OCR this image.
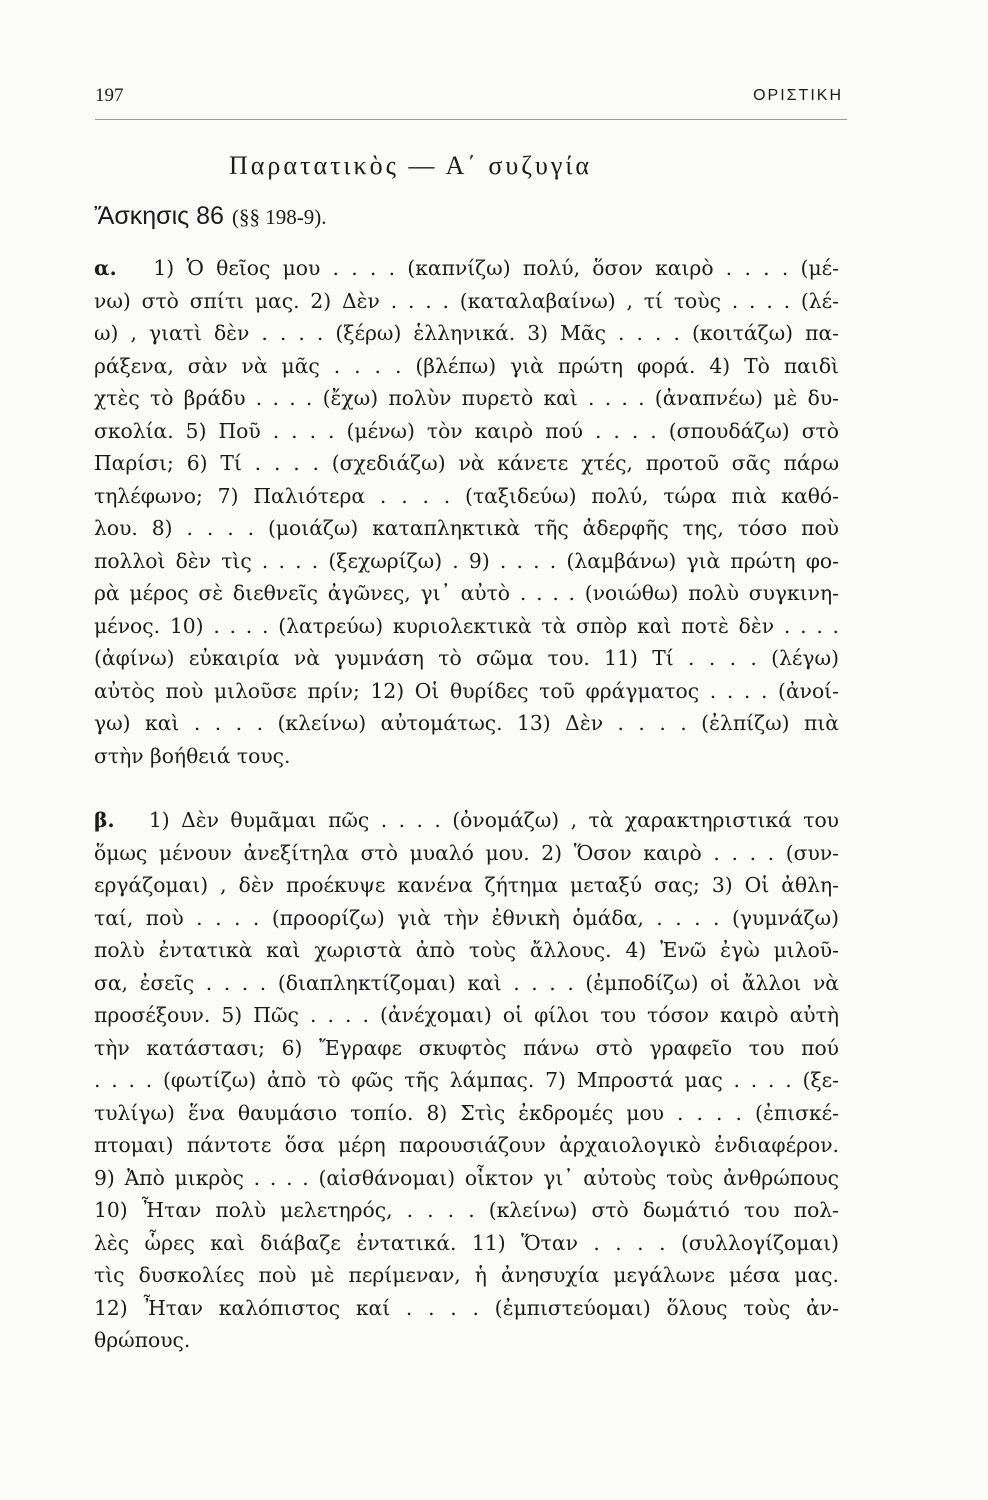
197	ΟΡΙΣΤΙΚΗ
Παρατατικὸς — Α΄ συζυγία
Ἄσκησις 86 (§§ 198-9).
α. 1) Ὁ θεῖος μου . . . . (καπνίζω) πολύ, ὅσον καιρὸ . . . . (μέ-
νω) στὸ σπίτι μας. 2) Δὲν . . . . (καταλαβαίνω) , τί τοὺς . . . . (λέ-
ω) , γιατὶ δὲν . . . . (ξέρω) ἑλληνικά. 3) Μᾶς . . . . (κοιτάζω) πα-
ράξενα, σὰν νὰ μᾶς . . . . (βλέπω) γιὰ πρώτη φορά. 4) Τὸ παιδὶ
χτὲς τὸ βράδυ . . . . (ἔχω) πολὺν πυρετὸ καὶ . . . . (ἀναπνέω) μὲ δυ-
σκολία. 5) Ποῦ . . . . (μένω) τὸν καιρὸ πού . . . . (σπουδάζω) στὸ
Παρίσι; 6) Τί . . . . (σχεδιάζω) νὰ κάνετε χτές, προτοῦ σᾶς πάρω
τηλέφωνο; 7) Παλιότερα . . . . (ταξιδεύω) πολύ, τώρα πιὰ καθό-
λου. 8) . . . . (μοιάζω) καταπληκτικὰ τῆς ἀδερφῆς της, τόσο ποὺ
πολλοὶ δὲν τὶς . . . . (ξεχωρίζω) . 9) . . . . (λαμβάνω) γιὰ πρώτη φο-
ρὰ μέρος σὲ διεθνεῖς ἀγῶνες, γι᾿ αὐτὸ . . . . (νοιώθω) πολὺ συγκινη-
μένος. 10) . . . . (λατρεύω) κυριολεκτικὰ τὰ σπὸρ καὶ ποτὲ δὲν . . . .
(ἀφίνω) εὐκαιρία νὰ γυμνάση τὸ σῶμα του. 11) Τί . . . . (λέγω)
αὐτὸς ποὺ μιλοῦσε πρίν; 12) Οἱ θυρίδες τοῦ φράγματος . . . . (ἀνοί-
γω) καὶ . . . . (κλείνω) αὐτομάτως. 13) Δὲν . . . . (ἐλπίζω) πιὰ
στὴν βοήθειά τους.
β. 1) Δὲν θυμᾶμαι πῶς . . . . (ὀνομάζω) , τὰ χαρακτηριστικά του
ὅμως μένουν ἀνεξίτηλα στὸ μυαλό μου. 2) Ὅσον καιρὸ . . . . (συν-
εργάζομαι) , δὲν προέκυψε κανένα ζήτημα μεταξύ σας; 3) Οἱ ἀθλη-
ταί, ποὺ . . . . (προορίζω) γιὰ τὴν ἐθνικὴ ὁμάδα, . . . . (γυμνάζω)
πολὺ ἐντατικὰ καὶ χωριστὰ ἀπὸ τοὺς ἄλλους. 4) Ἐνῶ ἐγὼ μιλοῦ-
σα, ἐσεῖς . . . . (διαπληκτίζομαι) καὶ . . . . (ἐμποδίζω) οἱ ἄλλοι νὰ
προσέξουν. 5) Πῶς . . . . (ἀνέχομαι) οἱ φίλοι του τόσον καιρὸ αὐτὴ
τὴν κατάστασι; 6) Ἔγραφε σκυφτὸς πάνω στὸ γραφεῖο του πού
. . . . (φωτίζω) ἀπὸ τὸ φῶς τῆς λάμπας. 7) Μπροστά μας . . . . (ξε-
τυλίγω) ἕνα θαυμάσιο τοπίο. 8) Στὶς ἐκδρομές μου . . . . (ἐπισκέ-
πτομαι) πάντοτε ὅσα μέρη παρουσιάζουν ἀρχαιολογικὸ ἐνδιαφέρον.
9) Ἀπὸ μικρὸς . . . . (αἰσθάνομαι) οἶκτον γι᾿ αὐτοὺς τοὺς ἀνθρώπους
10) Ἦταν πολὺ μελετηρός, . . . . (κλείνω) στὸ δωμάτιό του πολ-
λὲς ὧρες καὶ διάβαζε ἐντατικά. 11) Ὅταν . . . . (συλλογίζομαι)
τὶς δυσκολίες ποὺ μὲ περίμεναν, ἡ ἀνησυχία μεγάλωνε μέσα μας.
12) Ἦταν καλόπιστος καί . . . . (ἐμπιστεύομαι) ὅλους τοὺς ἀν-
θρώπους.
